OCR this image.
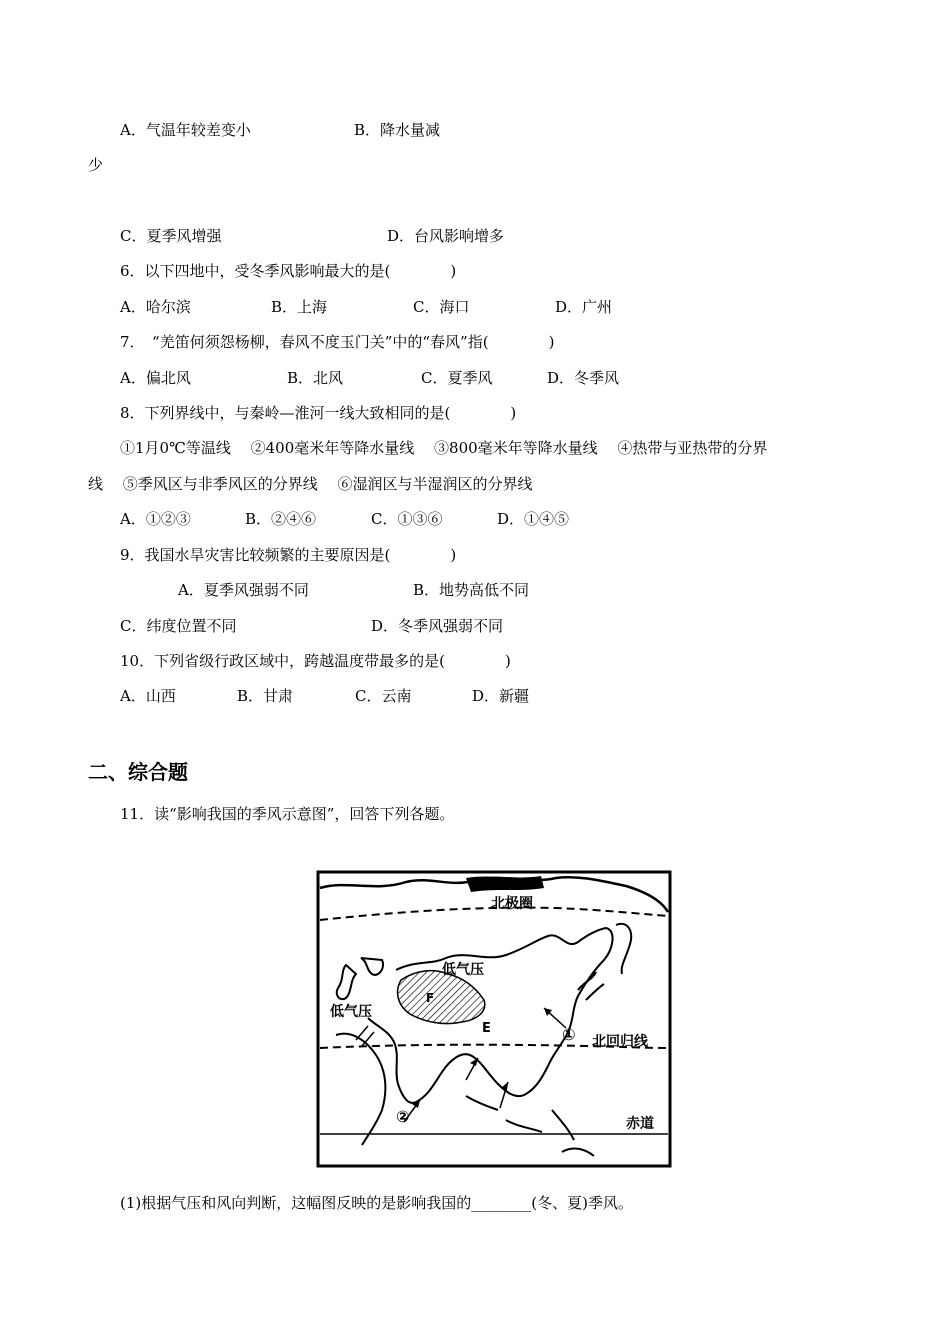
A．气温年较差变小	B．降水量减
少
C．夏季风增强	D．台风影响增多
6．以下四地中，受冬季风影响最大的是(　　　　)
A．哈尔滨	B．上海	C．海口	D．广州
7．　“羌笛何须怨杨柳，春风不度玉门关”中的“春风”指(　　　　)
A．偏北风	B．北风	C．夏季风	D．冬季风
8．下列界线中，与秦岭—淮河一线大致相同的是(　　　　)
①1月0℃等温线　 ②400毫米年等降水量线　 ③800毫米年等降水量线　 ④热带与亚热带的分界
线　 ⑤季风区与非季风区的分界线　 ⑥湿润区与半湿润区的分界线
A．①②③	B．②④⑥	C．①③⑥	D．①④⑤
9．我国水旱灾害比较频繁的主要原因是(　　　　)
A．夏季风强弱不同	B．地势高低不同
C．纬度位置不同	D．冬季风强弱不同
10．下列省级行政区域中，跨越温度带最多的是(　　　　)
A．山西	B．甘肃	C．云南	D．新疆
二、综合题
11．读“影响我国的季风示意图”，回答下列各题。
北极圈
北回归线
赤道
低气压
低气压
F
E	①
②
(1)根据气压和风向判断，这幅图反映的是影响我国的________(冬、夏)季风。
